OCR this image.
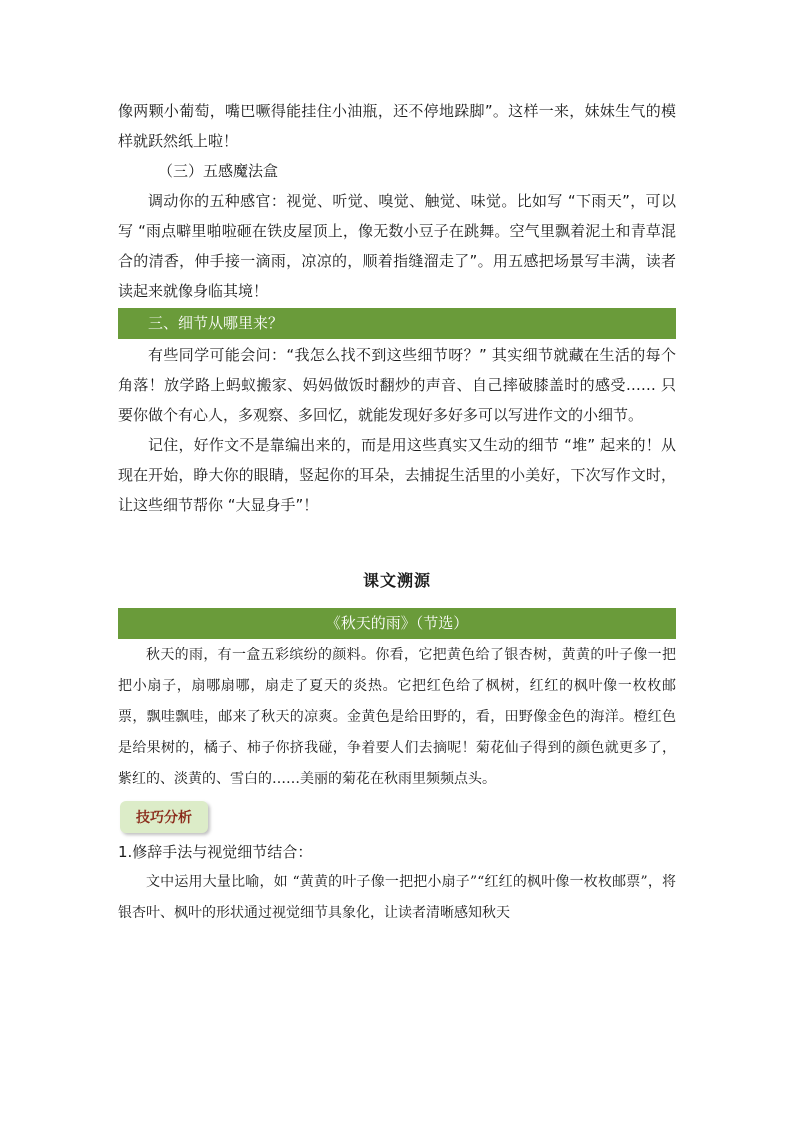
像两颗小葡萄，嘴巴噘得能挂住小油瓶，还不停地跺脚”。这样一来，妹妹生气的模样就跃然纸上啦！

（三）五感魔法盒

调动你的五种感官：视觉、听觉、嗅觉、触觉、味觉。比如写 “下雨天”，可以写 “雨点噼里啪啦砸在铁皮屋顶上，像无数小豆子在跳舞。空气里飘着泥土和青草混合的清香，伸手接一滴雨，凉凉的，顺着指缝溜走了”。用五感把场景写丰满，读者读起来就像身临其境！

三、细节从哪里来？

有些同学可能会问：“我怎么找不到这些细节呀？” 其实细节就藏在生活的每个角落！放学路上蚂蚁搬家、妈妈做饭时翻炒的声音、自己摔破膝盖时的感受…… 只要你做个有心人，多观察、多回忆，就能发现好多好多可以写进作文的小细节。

记住，好作文不是靠编出来的，而是用这些真实又生动的细节 “堆” 起来的！从现在开始，睁大你的眼睛，竖起你的耳朵，去捕捉生活里的小美好，下次写作文时，让这些细节帮你 “大显身手”！

课文溯源
《秋天的雨》（节选）

秋天的雨，有一盒五彩缤纷的颜料。你看，它把黄色给了银杏树，黄黄的叶子像一把把小扇子，扇哪扇哪，扇走了夏天的炎热。它把红色给了枫树，红红的枫叶像一枚枚邮票，飘哇飘哇，邮来了秋天的凉爽。金黄色是给田野的，看，田野像金色的海洋。橙红色是给果树的，橘子、柿子你挤我碰，争着要人们去摘呢！菊花仙子得到的颜色就更多了，紫红的、淡黄的、雪白的……美丽的菊花在秋雨里频频点头。

技巧分析
1.修辞手法与视觉细节结合：

文中运用大量比喻，如 “黄黄的叶子像一把把小扇子”“红红的枫叶像一枚枚邮票”，将银杏叶、枫叶的形状通过视觉细节具象化，让读者清晰感知秋天
